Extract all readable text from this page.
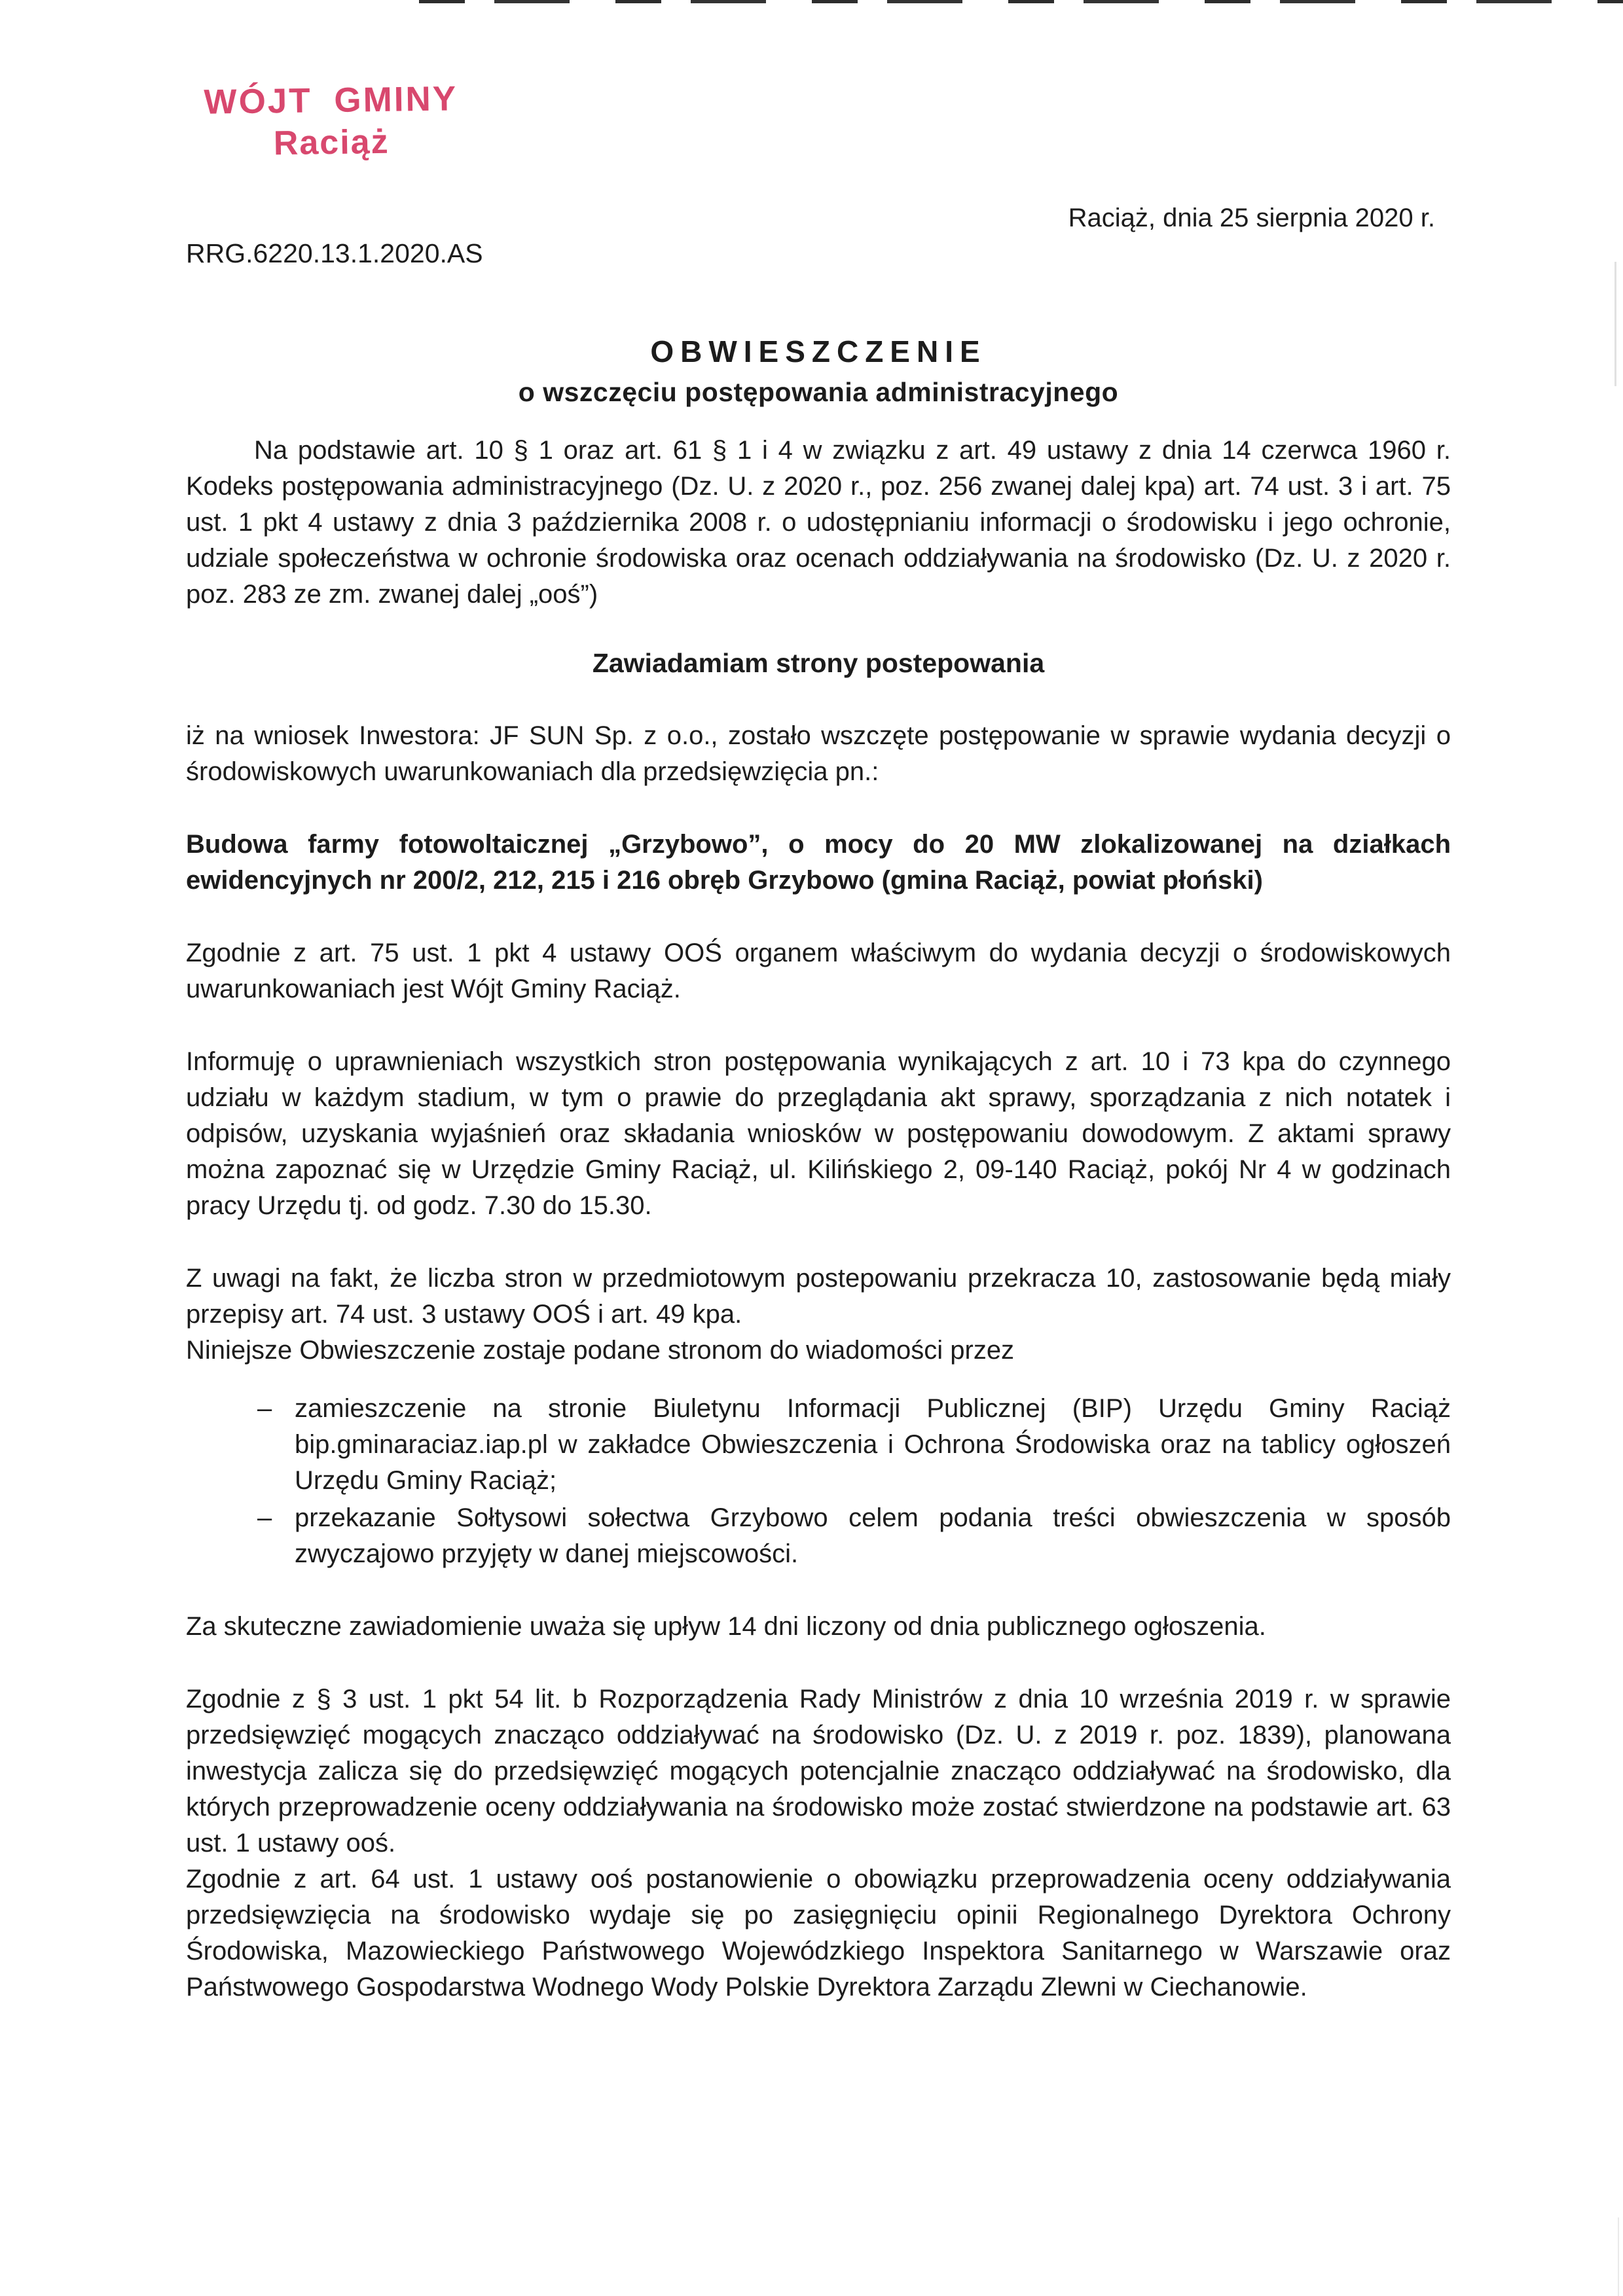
WÓJT GMINY
Raciąż
Raciąż, dnia 25 sierpnia 2020 r.
RRG.6220.13.1.2020.AS
OBWIESZCZENIE
o wszczęciu postępowania administracyjnego
Na podstawie art. 10 § 1 oraz art. 61 § 1 i 4 w związku z art. 49 ustawy z dnia 14 czerwca 1960 r. Kodeks postępowania administracyjnego (Dz. U. z 2020 r., poz. 256 zwanej dalej kpa) art. 74 ust. 3 i art. 75 ust. 1 pkt 4 ustawy z dnia 3 października 2008 r. o udostępnianiu informacji o środowisku i jego ochronie, udziale społeczeństwa w ochronie środowiska oraz ocenach oddziaływania na środowisko (Dz. U. z 2020 r. poz. 283 ze zm. zwanej dalej „ooś”)
Zawiadamiam strony postepowania
iż na wniosek Inwestora: JF SUN Sp. z o.o., zostało wszczęte postępowanie w sprawie wydania decyzji o środowiskowych uwarunkowaniach dla przedsięwzięcia pn.:
Budowa farmy fotowoltaicznej „Grzybowo”, o mocy do 20 MW zlokalizowanej na działkach ewidencyjnych nr 200/2, 212, 215 i 216 obręb Grzybowo (gmina Raciąż, powiat płoński)
Zgodnie z art. 75 ust. 1 pkt 4 ustawy OOŚ organem właściwym do wydania decyzji o środowiskowych uwarunkowaniach jest Wójt Gminy Raciąż.
Informuję o uprawnieniach wszystkich stron postępowania wynikających z art. 10 i 73 kpa do czynnego udziału w każdym stadium, w tym o prawie do przeglądania akt sprawy, sporządzania z nich notatek i odpisów, uzyskania wyjaśnień oraz składania wniosków w postępowaniu dowodowym. Z aktami sprawy można zapoznać się w Urzędzie Gminy Raciąż, ul. Kilińskiego 2, 09-140 Raciąż, pokój Nr 4 w godzinach pracy Urzędu tj. od godz. 7.30 do 15.30.
Z uwagi na fakt, że liczba stron w przedmiotowym postepowaniu przekracza 10, zastosowanie będą miały przepisy art. 74 ust. 3 ustawy OOŚ i art. 49 kpa.
Niniejsze Obwieszczenie zostaje podane stronom do wiadomości przez
– zamieszczenie na stronie Biuletynu Informacji Publicznej (BIP) Urzędu Gminy Raciąż bip.gminaraciaz.iap.pl w zakładce Obwieszczenia i Ochrona Środowiska oraz na tablicy ogłoszeń Urzędu Gminy Raciąż;
– przekazanie Sołtysowi sołectwa Grzybowo celem podania treści obwieszczenia w sposób zwyczajowo przyjęty w danej miejscowości.
Za skuteczne zawiadomienie uważa się upływ 14 dni liczony od dnia publicznego ogłoszenia.
Zgodnie z § 3 ust. 1 pkt 54 lit. b Rozporządzenia Rady Ministrów z dnia 10 września 2019 r. w sprawie przedsięwzięć mogących znacząco oddziaływać na środowisko (Dz. U. z 2019 r. poz. 1839), planowana inwestycja zalicza się do przedsięwzięć mogących potencjalnie znacząco oddziaływać na środowisko, dla których przeprowadzenie oceny oddziaływania na środowisko może zostać stwierdzone na podstawie art. 63 ust. 1 ustawy ooś.
Zgodnie z art. 64 ust. 1 ustawy ooś postanowienie o obowiązku przeprowadzenia oceny oddziaływania przedsięwzięcia na środowisko wydaje się po zasięgnięciu opinii Regionalnego Dyrektora Ochrony Środowiska, Mazowieckiego Państwowego Wojewódzkiego Inspektora Sanitarnego w Warszawie oraz Państwowego Gospodarstwa Wodnego Wody Polskie Dyrektora Zarządu Zlewni w Ciechanowie.
